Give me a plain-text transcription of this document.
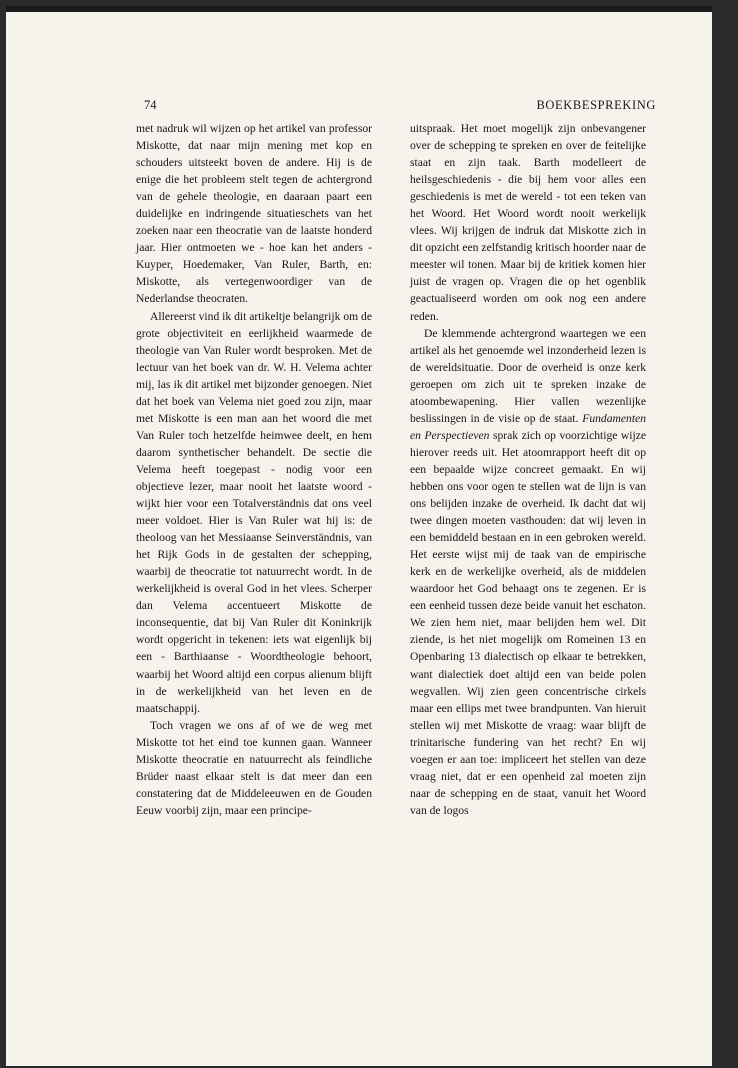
74	BOEKBESPREKING

met nadruk wil wijzen op het artikel van professor Miskotte, dat naar mijn mening met kop en schouders uitsteekt boven de andere. Hij is de enige die het probleem stelt tegen de achtergrond van de gehele theologie, en daaraan paart een duidelijke en indringende situatieschets van het zoeken naar een theocratie van de laatste honderd jaar. Hier ontmoeten we - hoe kan het anders - Kuyper, Hoedemaker, Van Ruler, Barth, en: Miskotte, als vertegenwoordiger van de Nederlandse theocraten.

Allereerst vind ik dit artikeltje belangrijk om de grote objectiviteit en eerlijkheid waarmede de theologie van Van Ruler wordt besproken. Met de lectuur van het boek van dr. W. H. Velema achter mij, las ik dit artikel met bijzonder genoegen. Niet dat het boek van Velema niet goed zou zijn, maar met Miskotte is een man aan het woord die met Van Ruler toch hetzelfde heimwee deelt, en hem daarom synthetischer behandelt. De sectie die Velema heeft toegepast - nodig voor een objectieve lezer, maar nooit het laatste woord - wijkt hier voor een Totalverständnis dat ons veel meer voldoet. Hier is Van Ruler wat hij is: de theoloog van het Messiaanse Seinverständnis, van het Rijk Gods in de gestalten der schepping, waarbij de theocratie tot natuurrecht wordt. In de werkelijkheid is overal God in het vlees. Scherper dan Velema accentueert Miskotte de inconsequentie, dat bij Van Ruler dit Koninkrijk wordt opgericht in tekenen: iets wat eigenlijk bij een - Barthiaanse - Woordtheologie behoort, waarbij het Woord altijd een corpus alienum blijft in de werkelijkheid van het leven en de maatschappij.

Toch vragen we ons af of we de weg met Miskotte tot het eind toe kunnen gaan. Wanneer Miskotte theocratie en natuurrecht als feindliche Brüder naast elkaar stelt is dat meer dan een constatering dat de Middeleeuwen en de Gouden Eeuw voorbij zijn, maar een principe-

uitspraak. Het moet mogelijk zijn onbevangener over de schepping te spreken en over de feitelijke staat en zijn taak. Barth modelleert de heilsgeschiedenis - die bij hem voor alles een geschiedenis is met de wereld - tot een teken van het Woord. Het Woord wordt nooit werkelijk vlees. Wij krijgen de indruk dat Miskotte zich in dit opzicht een zelfstandig kritisch hoorder naar de meester wil tonen. Maar bij de kritiek komen hier juist de vragen op. Vragen die op het ogenblik geactualiseerd worden om ook nog een andere reden.

De klemmende achtergrond waartegen we een artikel als het genoemde wel inzonderheid lezen is de wereldsituatie. Door de overheid is onze kerk geroepen om zich uit te spreken inzake de atoombewapening. Hier vallen wezenlijke beslissingen in de visie op de staat. Fundamenten en Perspectieven sprak zich op voorzichtige wijze hierover reeds uit. Het atoomrapport heeft dit op een bepaalde wijze concreet gemaakt. En wij hebben ons voor ogen te stellen wat de lijn is van ons belijden inzake de overheid. Ik dacht dat wij twee dingen moeten vasthouden: dat wij leven in een bemiddeld bestaan en in een gebroken wereld. Het eerste wijst mij de taak van de empirische kerk en de werkelijke overheid, als de middelen waardoor het God behaagt ons te zegenen. Er is een eenheid tussen deze beide vanuit het eschaton. We zien hem niet, maar belijden hem wel. Dit ziende, is het niet mogelijk om Romeinen 13 en Openbaring 13 dialectisch op elkaar te betrekken, want dialectiek doet altijd een van beide polen wegvallen. Wij zien geen concentrische cirkels maar een ellips met twee brandpunten. Van hieruit stellen wij met Miskotte de vraag: waar blijft de trinitarische fundering van het recht? En wij voegen er aan toe: impliceert het stellen van deze vraag niet, dat er een openheid zal moeten zijn naar de schepping en de staat, vanuit het Woord van de logos
